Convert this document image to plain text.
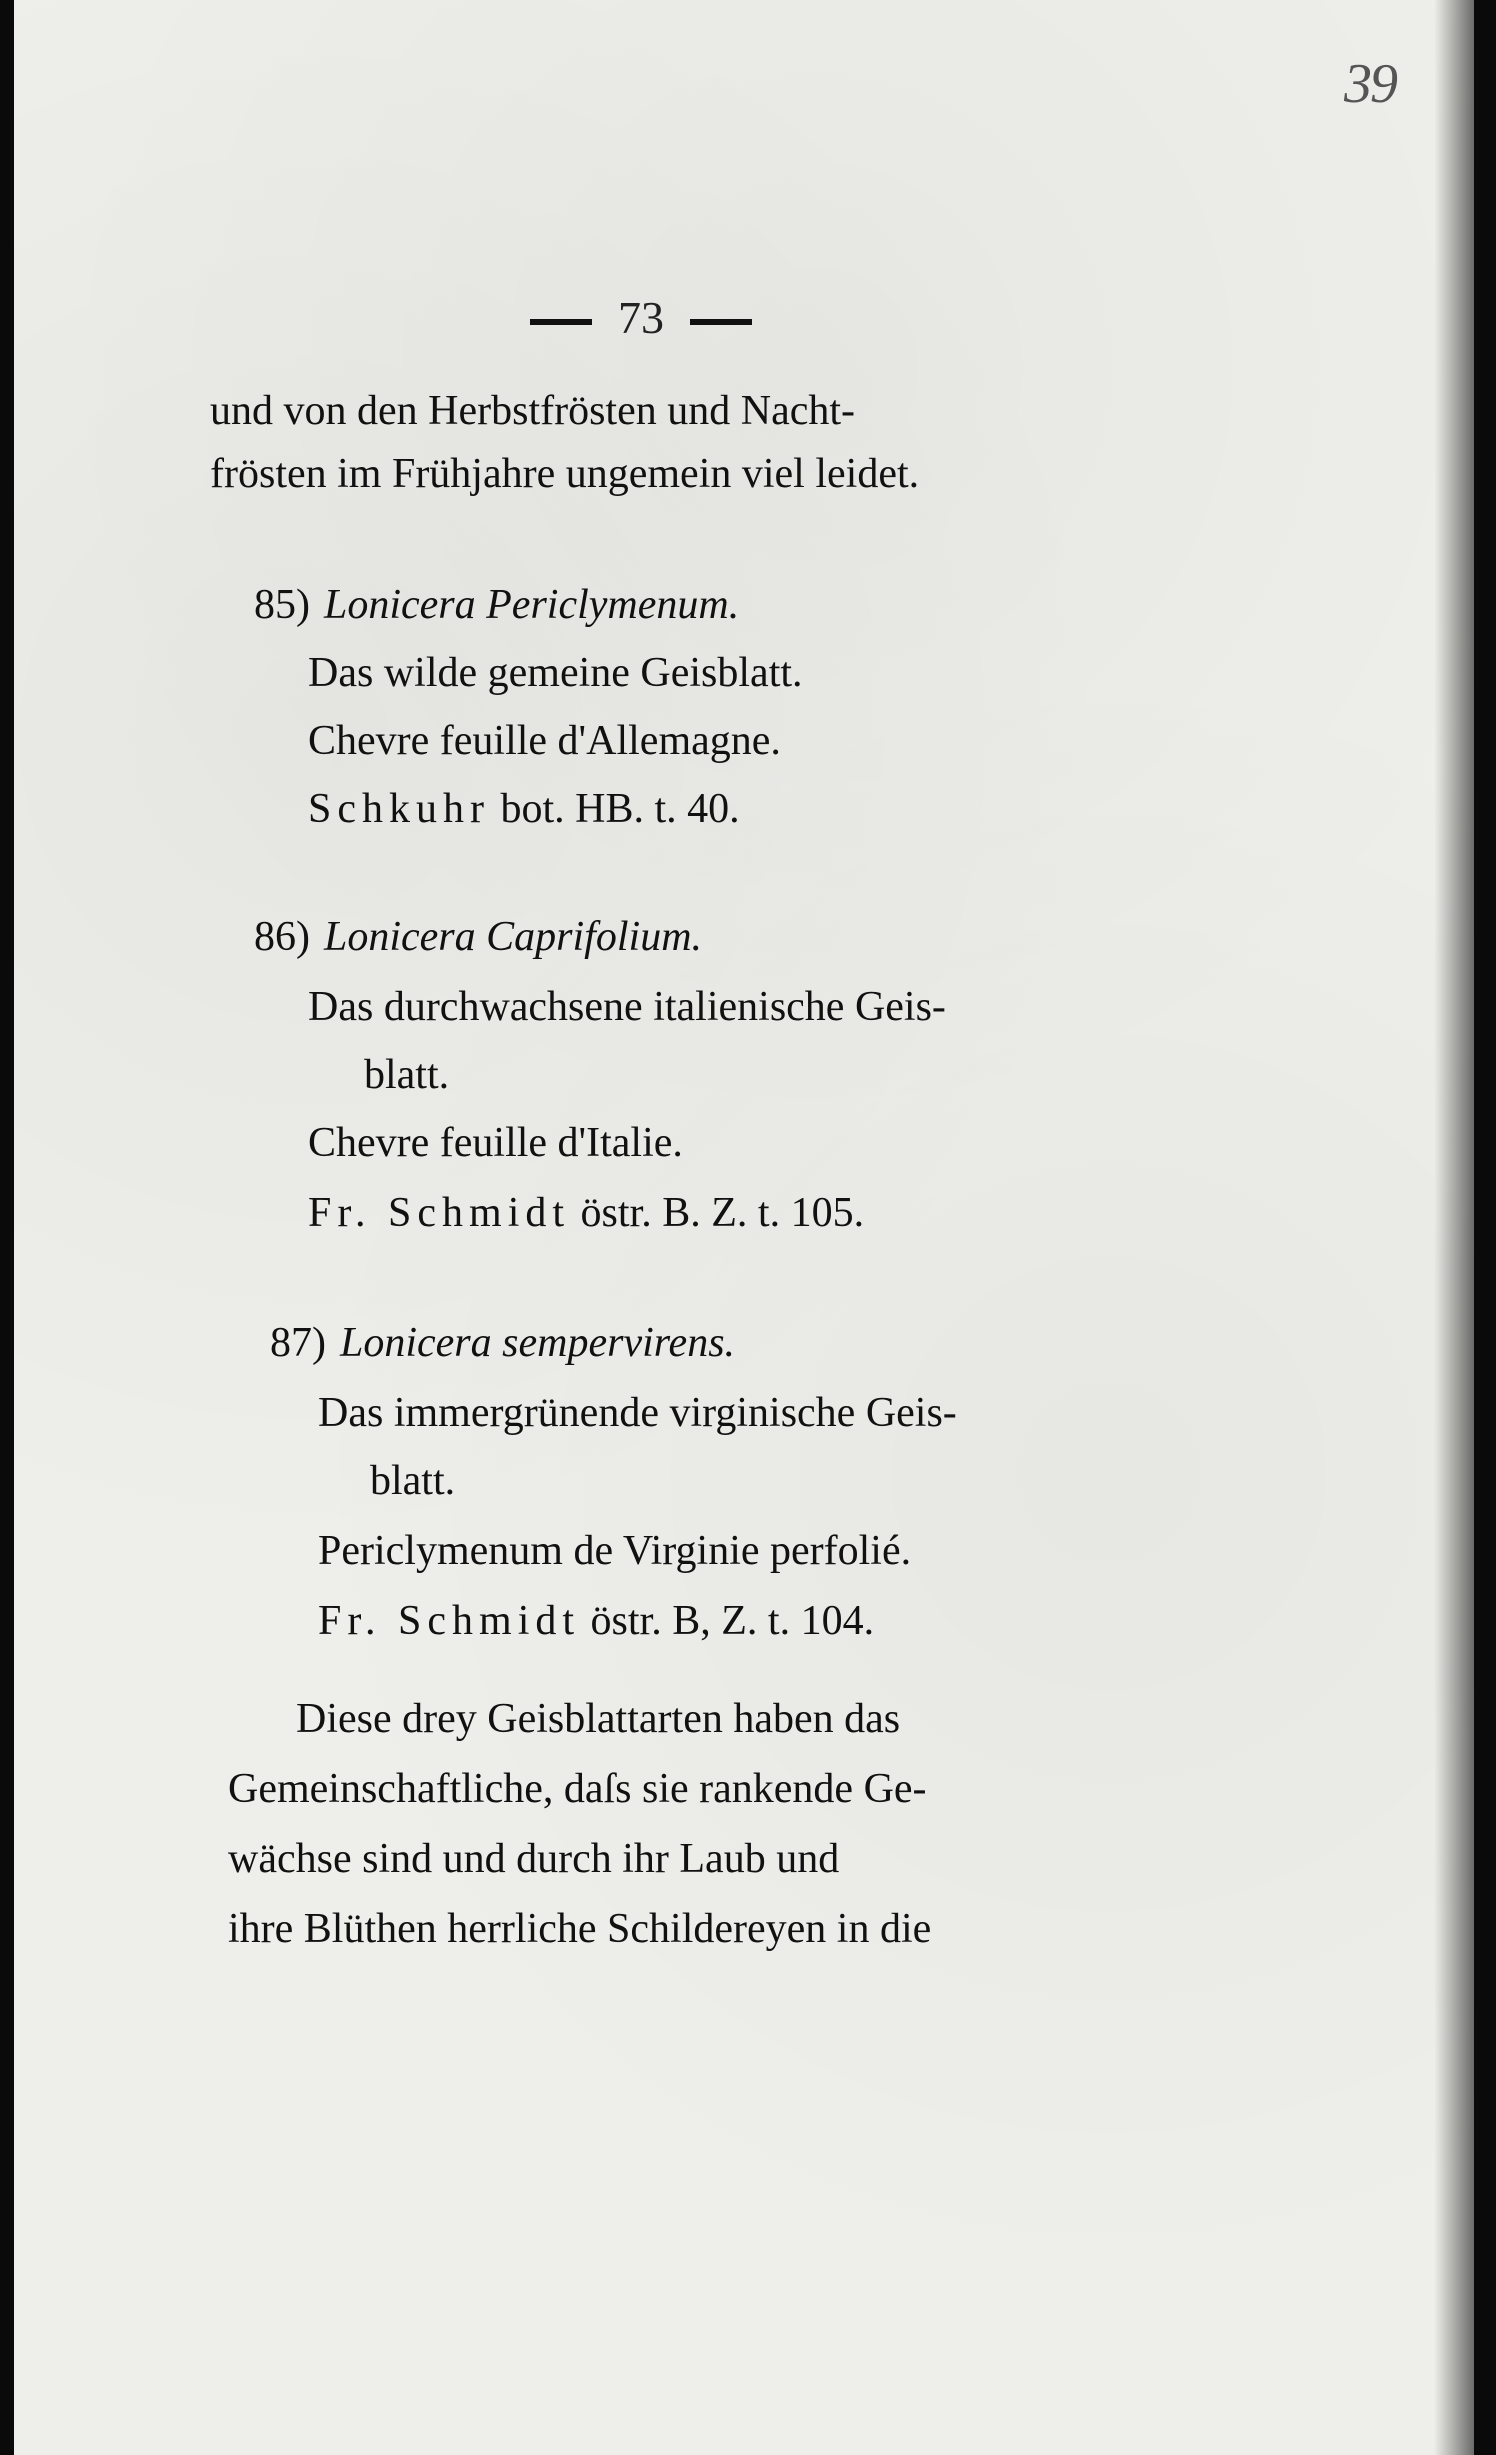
39
73
und von den Herbstfrösten und Nacht-
frösten im Frühjahre ungemein viel leidet.
85) Lonicera Periclymenum.
Das wilde gemeine Geisblatt.
Chevre feuille d'Allemagne.
Schkuhr bot. HB. t. 40.
86) Lonicera Caprifolium.
Das durchwachsene italienische Geis-
blatt.
Chevre feuille d'Italie.
Fr. Schmidt östr. B. Z. t. 105.
87) Lonicera sempervirens.
Das immergrünende virginische Geis-
blatt.
Periclymenum de Virginie perfolié.
Fr. Schmidt östr. B, Z. t. 104.
Diese drey Geisblattarten haben das
Gemeinschaftliche, daſs sie rankende Ge-
wächse sind und durch ihr Laub und
ihre Blüthen herrliche Schildereyen in die
